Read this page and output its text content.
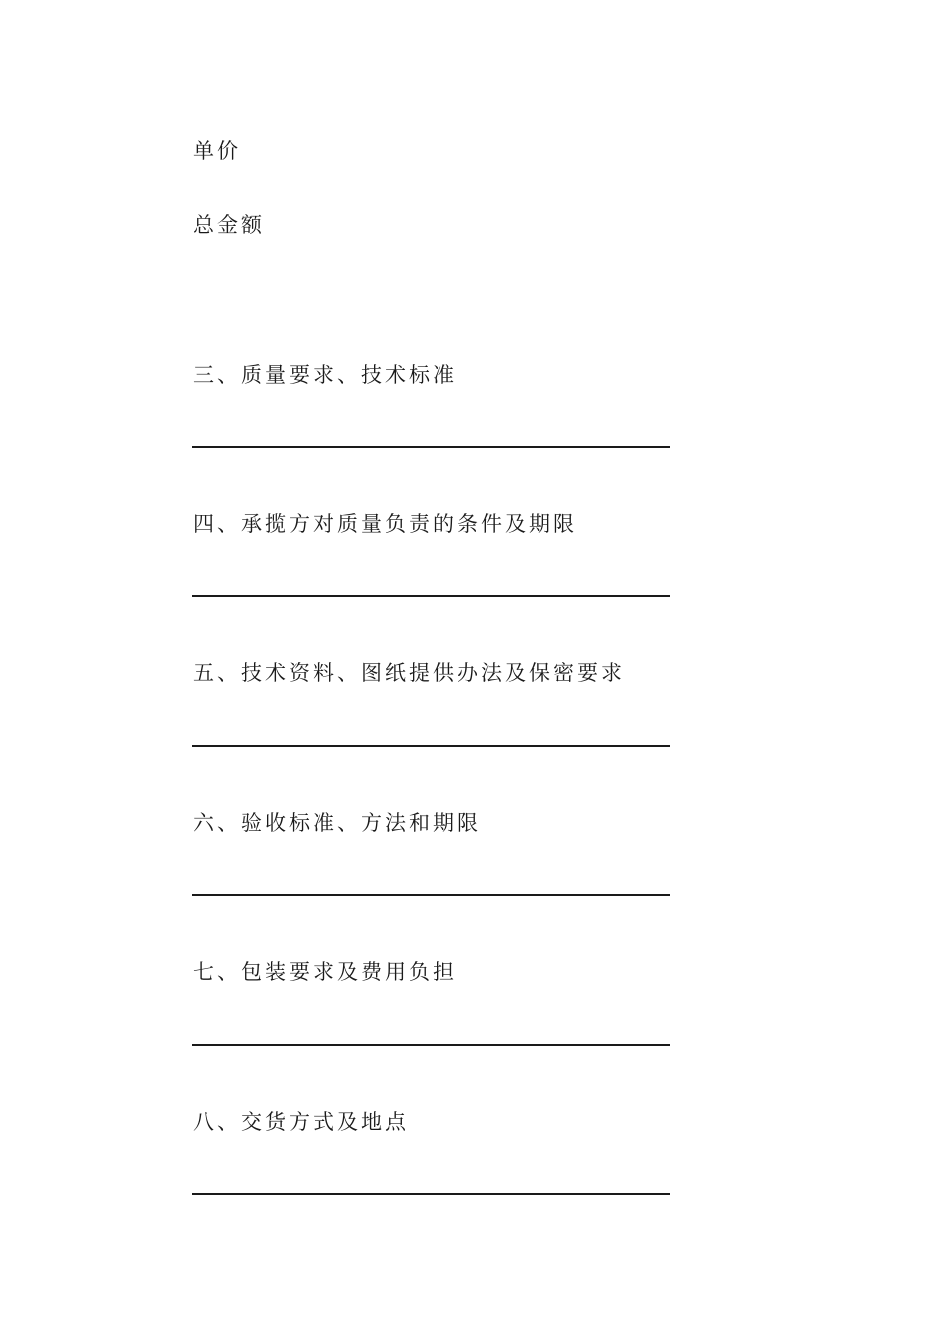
单价
总金额
三、质量要求、技术标准
四、承揽方对质量负责的条件及期限
五、技术资料、图纸提供办法及保密要求
六、验收标准、方法和期限
七、包装要求及费用负担
八、交货方式及地点
